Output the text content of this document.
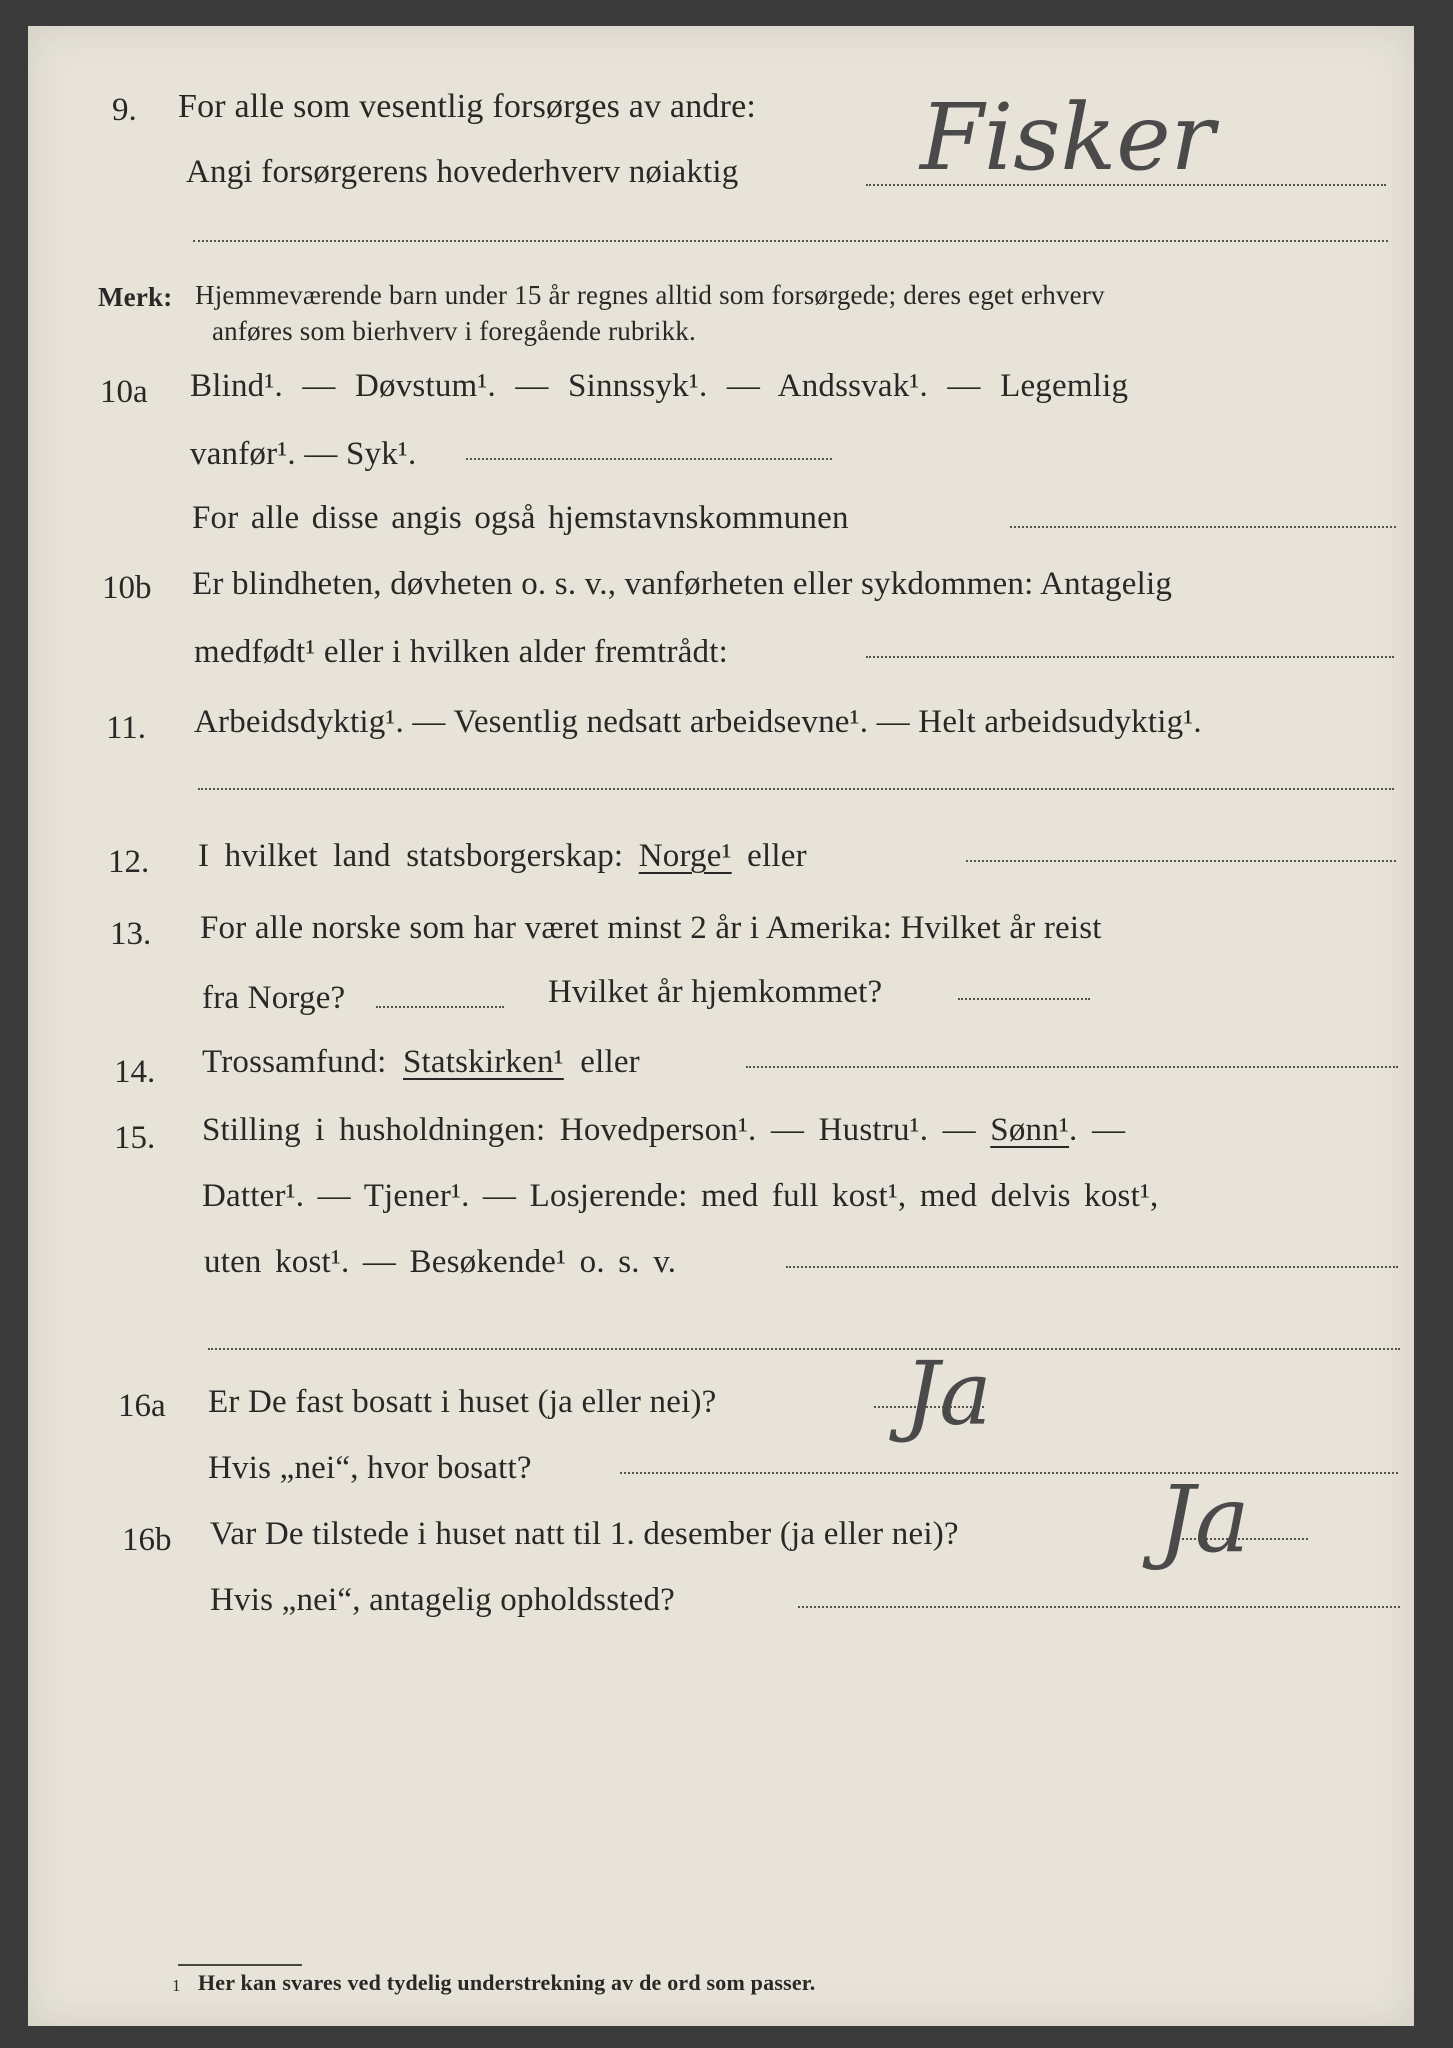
9. For alle som vesentlig forsørges av andre:
Angi forsørgerens hovederhverv nøiaktig Fisker
Merk: Hjemmeværende barn under 15 år regnes alltid som forsørgede; deres eget erhverv
anføres som bierhverv i foregående rubrikk.
10a Blind¹. — Døvstum¹. — Sinnssyk¹. — Andssvak¹. — Legemlig
vanfør¹. — Syk¹.
For alle disse angis også hjemstavnskommunen
10b Er blindheten, døvheten o. s. v., vanførheten eller sykdommen: Antagelig
medfødt¹ eller i hvilken alder fremtrådt:
11. Arbeidsdyktig¹. — Vesentlig nedsatt arbeidsevne¹. — Helt arbeidsudyktig¹.
12. I hvilket land statsborgerskap: Norge¹ eller
13. For alle norske som har været minst 2 år i Amerika: Hvilket år reist
fra Norge?	Hvilket år hjemkommet?
14. Trossamfund: Statskirken¹ eller
15. Stilling i husholdningen: Hovedperson¹. — Hustru¹. — Sønn¹. —
Datter¹. — Tjener¹. — Losjerende: med full kost¹, med delvis kost¹,
uten kost¹. — Besøkende¹ o. s. v.
16a Er De fast bosatt i huset (ja eller nei)? Ja
Hvis „nei“, hvor bosatt?
16b Var De tilstede i huset natt til 1. desember (ja eller nei)? Ja
Hvis „nei“, antagelig opholdssted?
1 Her kan svares ved tydelig understrekning av de ord som passer.
